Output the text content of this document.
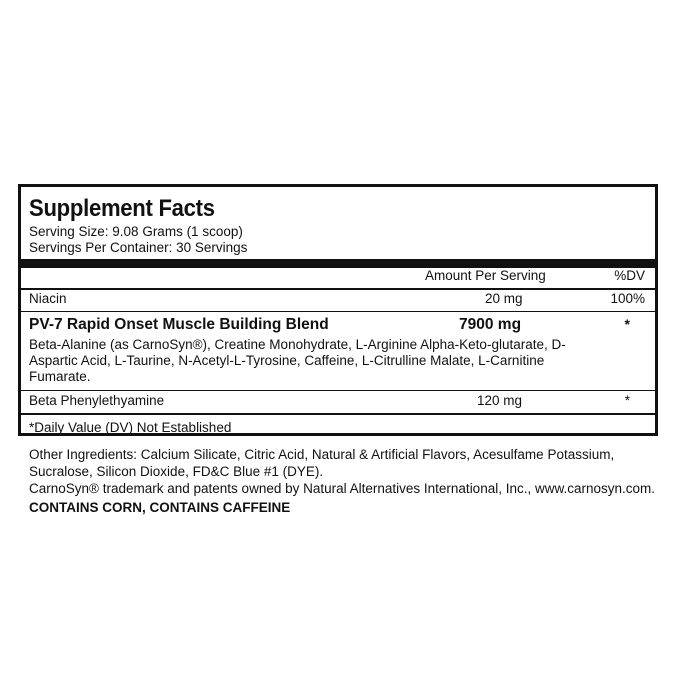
Supplement Facts
Serving Size: 9.08 Grams (1 scoop)
Servings Per Container: 30 Servings
Amount Per Serving	%DV
Niacin	20 mg	100%
PV-7 Rapid Onset Muscle Building Blend	7900 mg	*
Beta-Alanine (as CarnoSyn®), Creatine Monohydrate, L-Arginine Alpha-Keto-glutarate, D-Aspartic Acid, L-Taurine, N-Acetyl-L-Tyrosine, Caffeine, L-Citrulline Malate, L-Carnitine Fumarate.
Beta Phenylethyamine	120 mg	*
*Daily Value (DV) Not Established

Other Ingredients: Calcium Silicate, Citric Acid, Natural & Artificial Flavors, Acesulfame Potassium,

Sucralose, Silicon Dioxide, FD&C Blue #1 (DYE).

CarnoSyn® trademark and patents owned by Natural Alternatives International, Inc., www.carnosyn.com.

CONTAINS CORN, CONTAINS CAFFEINE
